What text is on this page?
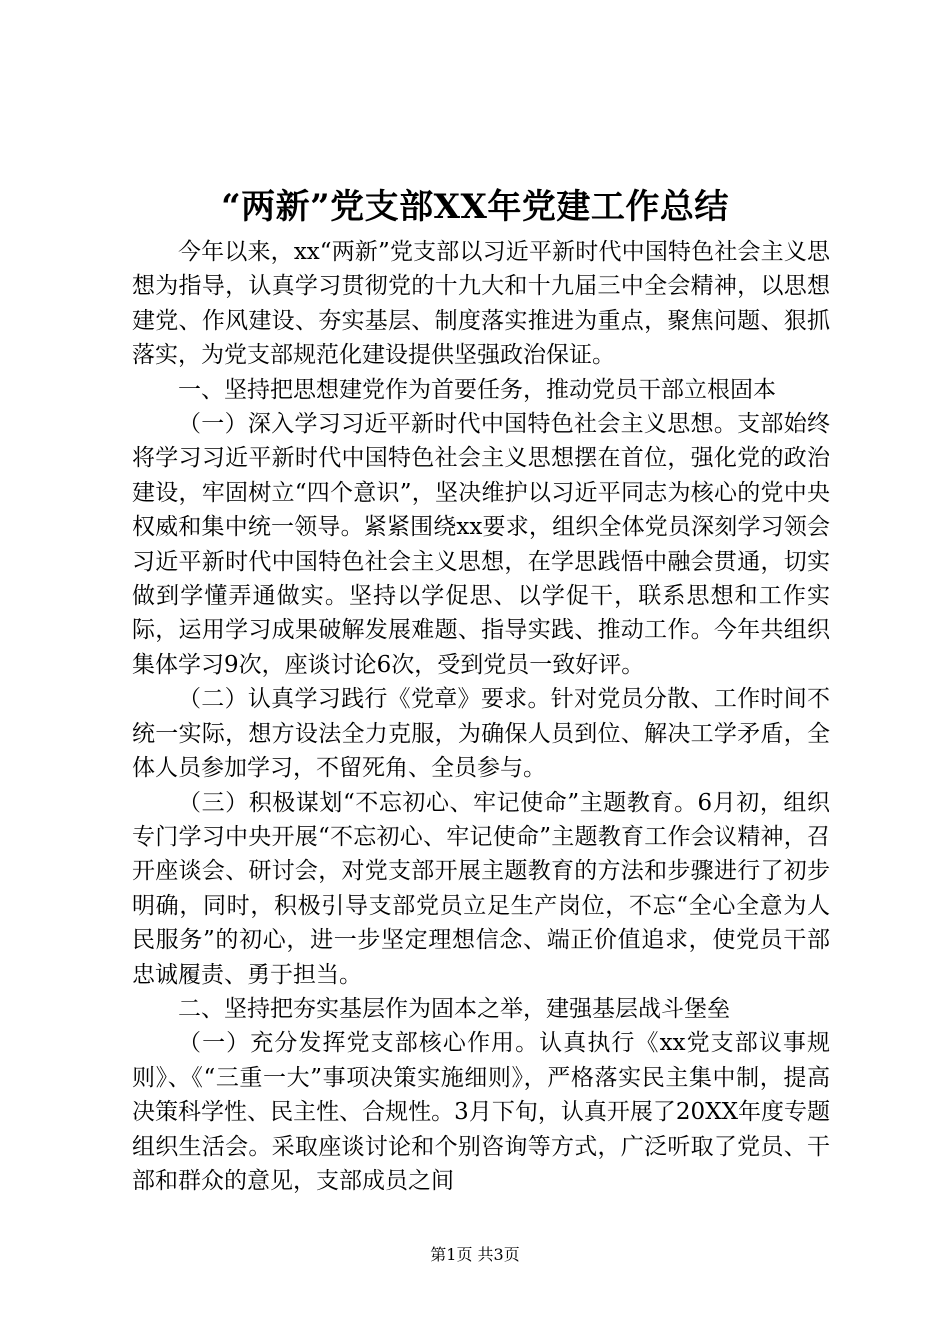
“两新”党支部XX年党建工作总结

今年以来，xx“两新”党支部以习近平新时代中国特色社会主义思想为指导，认真学习贯彻党的十九大和十九届三中全会精神，以思想建党、作风建设、夯实基层、制度落实推进为重点，聚焦问题、狠抓落实，为党支部规范化建设提供坚强政治保证。

一、坚持把思想建党作为首要任务，推动党员干部立根固本

（一）深入学习习近平新时代中国特色社会主义思想。支部始终将学习习近平新时代中国特色社会主义思想摆在首位，强化党的政治建设，牢固树立“四个意识”，坚决维护以习近平同志为核心的党中央权威和集中统一领导。紧紧围绕xx要求，组织全体党员深刻学习领会习近平新时代中国特色社会主义思想，在学思践悟中融会贯通，切实做到学懂弄通做实。坚持以学促思、以学促干，联系思想和工作实际，运用学习成果破解发展难题、指导实践、推动工作。今年共组织集体学习9次，座谈讨论6次，受到党员一致好评。

（二）认真学习践行《党章》要求。针对党员分散、工作时间不统一实际，想方设法全力克服，为确保人员到位、解决工学矛盾，全体人员参加学习，不留死角、全员参与。

（三）积极谋划“不忘初心、牢记使命”主题教育。6月初，组织专门学习中央开展“不忘初心、牢记使命”主题教育工作会议精神，召开座谈会、研讨会，对党支部开展主题教育的方法和步骤进行了初步明确，同时，积极引导支部党员立足生产岗位，不忘“全心全意为人民服务”的初心，进一步坚定理想信念、端正价值追求，使党员干部忠诚履责、勇于担当。

二、坚持把夯实基层作为固本之举，建强基层战斗堡垒

（一）充分发挥党支部核心作用。认真执行《xx党支部议事规则》、《“三重一大”事项决策实施细则》，严格落实民主集中制，提高决策科学性、民主性、合规性。3月下旬，认真开展了20XX年度专题组织生活会。采取座谈讨论和个别咨询等方式，广泛听取了党员、干部和群众的意见，支部成员之间

第1页 共3页
